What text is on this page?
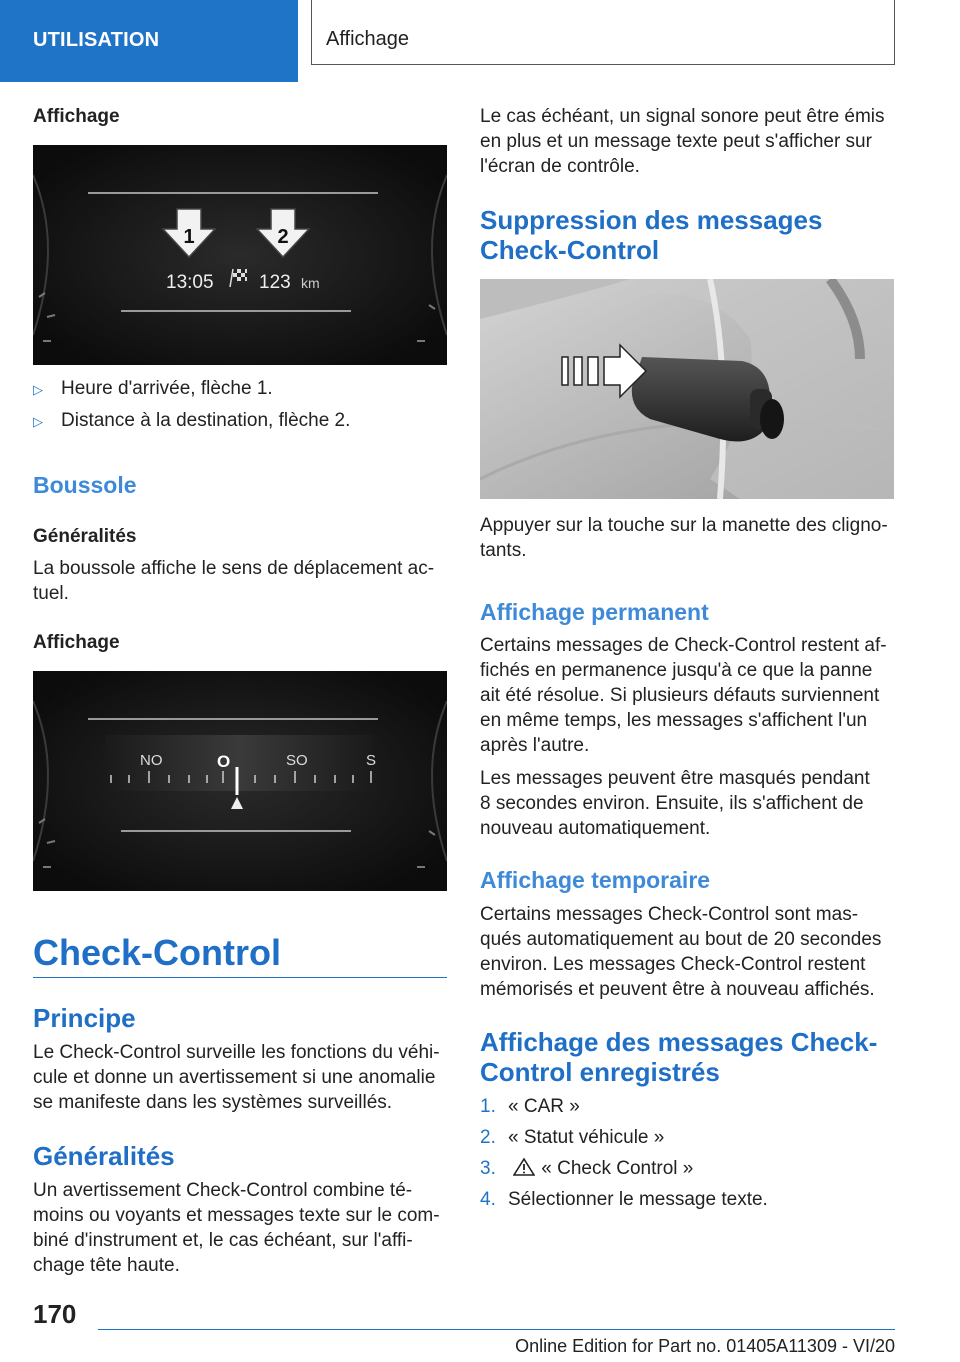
UTILISATION	Affichage
Affichage
1	2
13:05 123 km
▷ Heure d'arrivée, flèche 1.
▷ Distance à la destination, flèche 2.
Boussole
Généralités
La boussole affiche le sens de déplacement ac-
tuel.
Affichage
NO	O	SO	S
Check-Control
Principe
Le Check-Control surveille les fonctions du véhi-
cule et donne un avertissement si une anomalie
se manifeste dans les systèmes surveillés.
Généralités
Un avertissement Check-Control combine té-
moins ou voyants et messages texte sur le com-
biné d'instrument et, le cas échéant, sur l'affi-
chage tête haute.
Le cas échéant, un signal sonore peut être émis
en plus et un message texte peut s'afficher sur
l'écran de contrôle.
Suppression des messages
Check-Control
Appuyer sur la touche sur la manette des cligno-
tants.
Affichage permanent
Certains messages de Check-Control restent af-
fichés en permanence jusqu'à ce que la panne
ait été résolue. Si plusieurs défauts surviennent
en même temps, les messages s'affichent l'un
après l'autre.
Les messages peuvent être masqués pendant
8 secondes environ. Ensuite, ils s'affichent de
nouveau automatiquement.
Affichage temporaire
Certains messages Check-Control sont mas-
qués automatiquement au bout de 20 secondes
environ. Les messages Check-Control restent
mémorisés et peuvent être à nouveau affichés.
Affichage des messages Check-
Control enregistrés
1. « CAR »
2. « Statut véhicule »
3. « Check Control »
4. Sélectionner le message texte.
170
Online Edition for Part no. 01405A11309 - VI/20
